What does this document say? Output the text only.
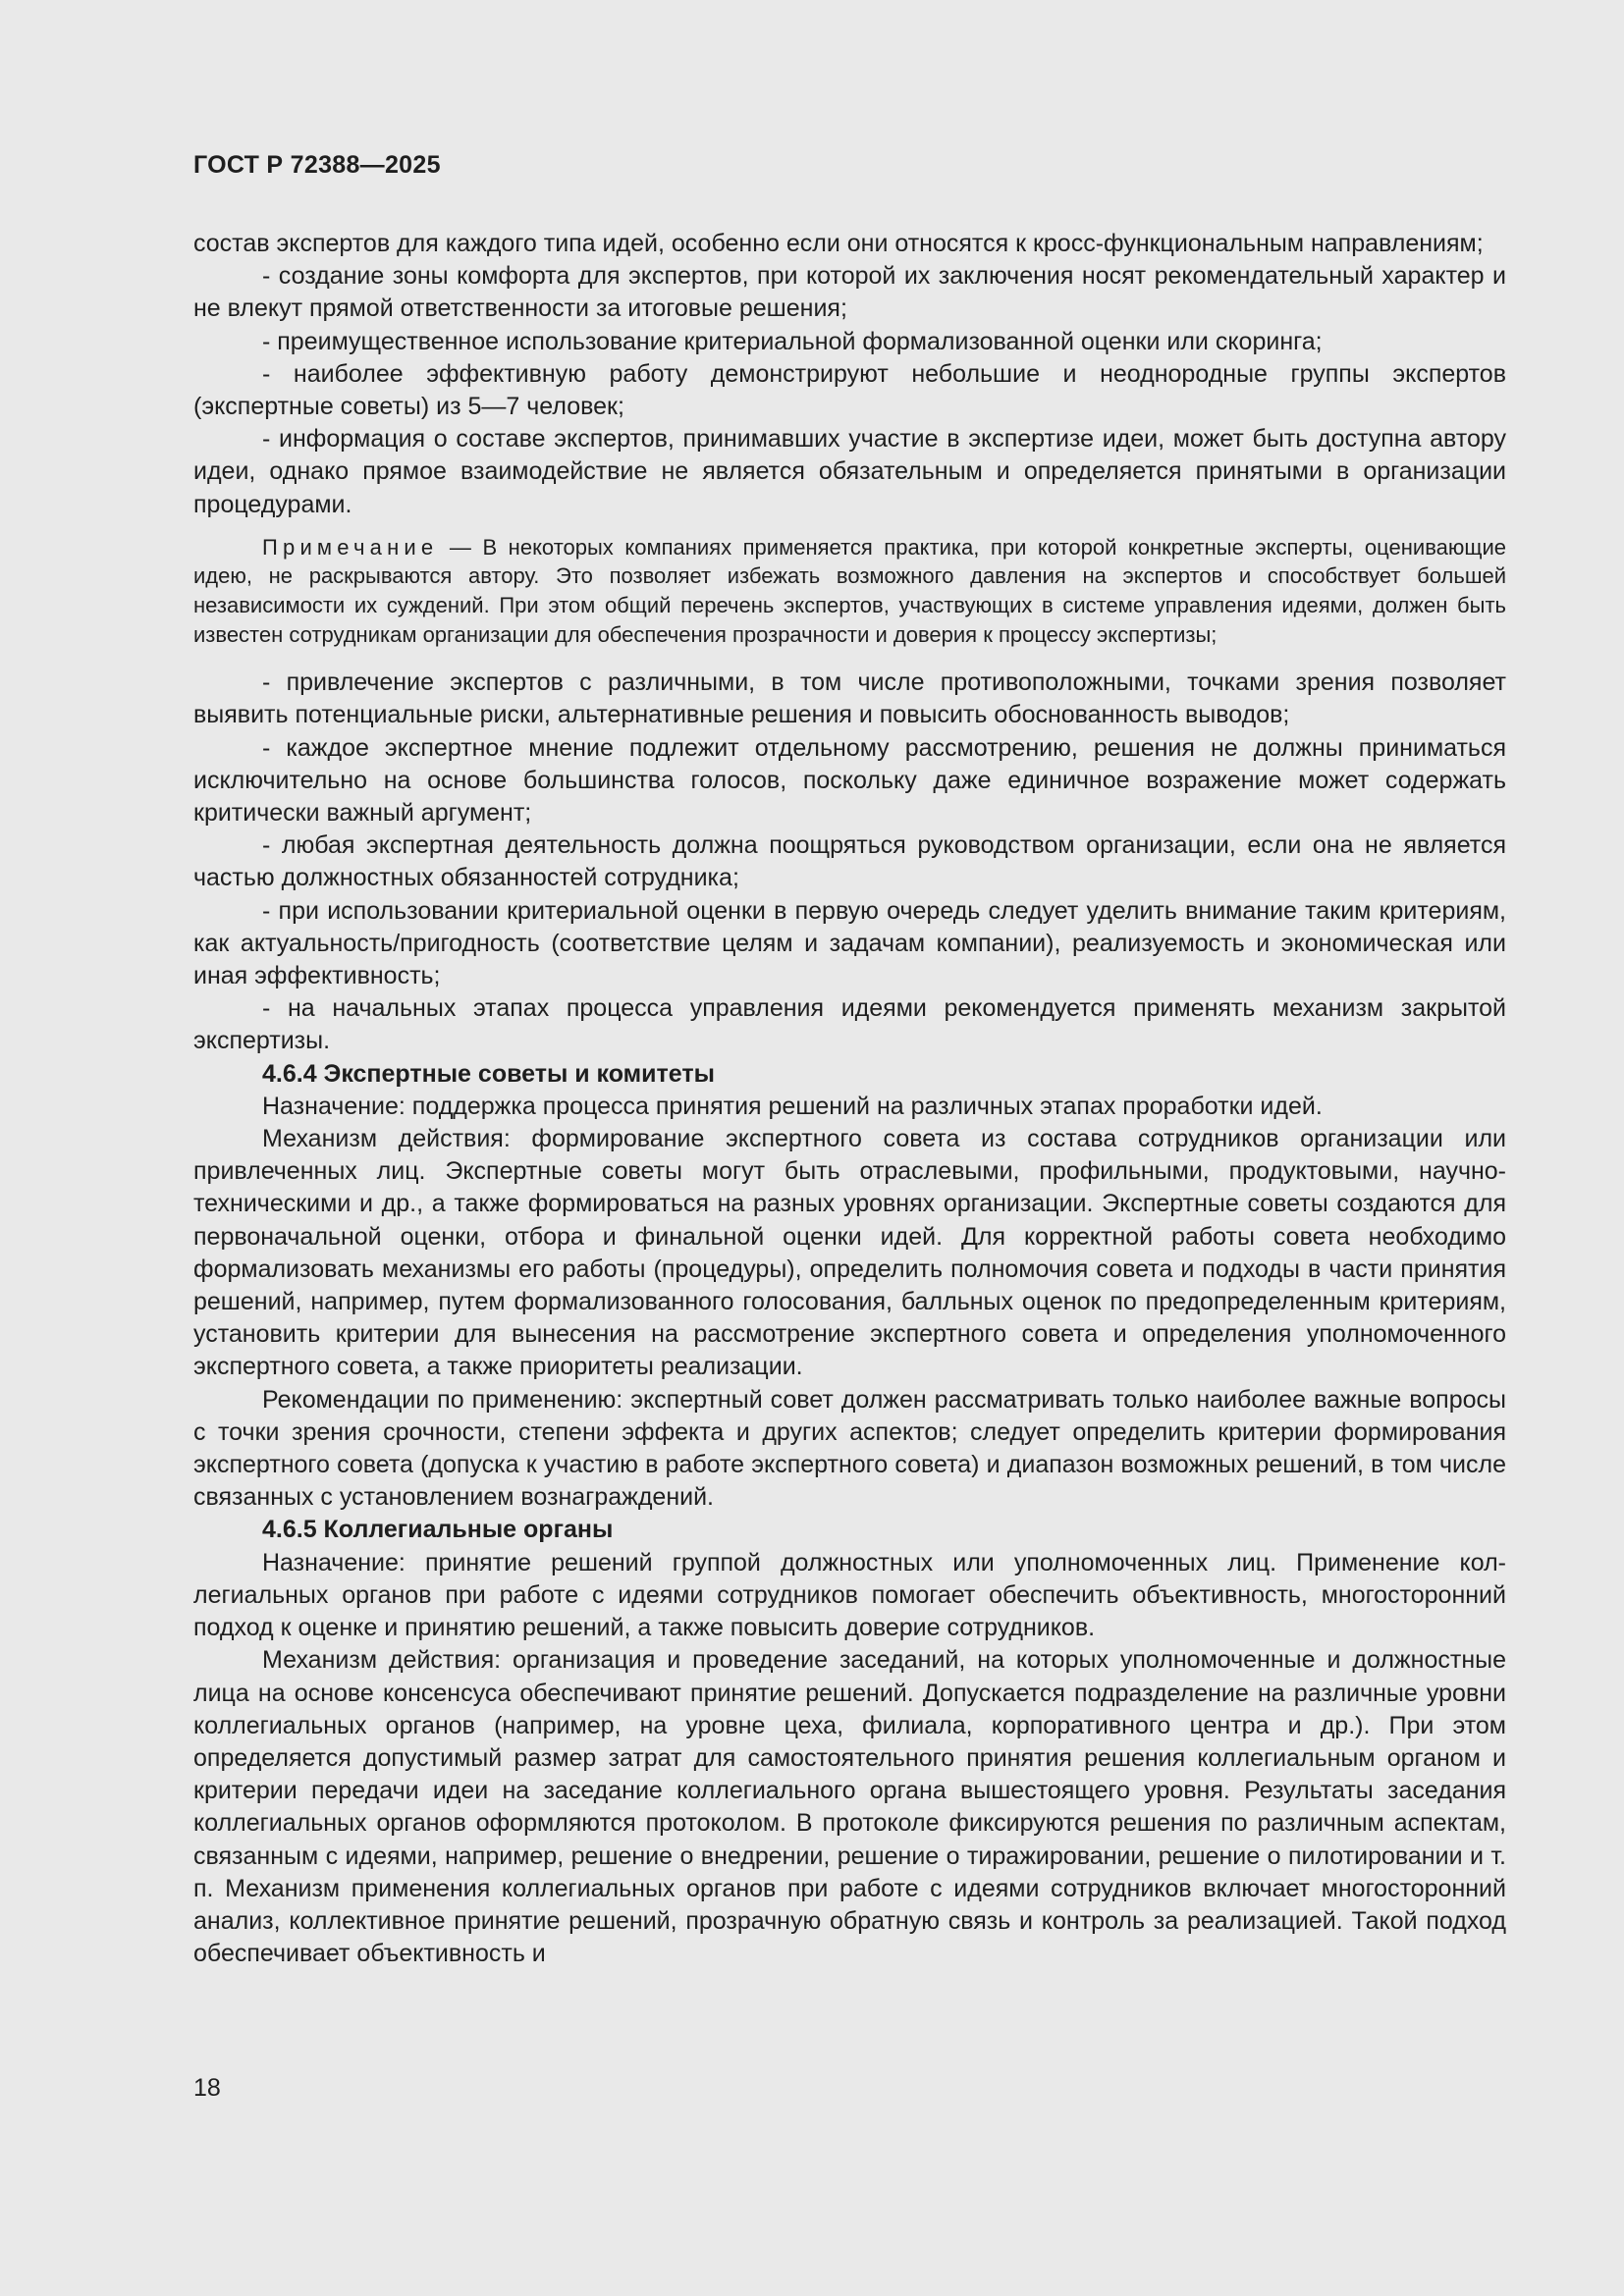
ГОСТ Р 72388—2025

состав экспертов для каждого типа идей, особенно если они относятся к кросс-функциональным направлениям;

- создание зоны комфорта для экспертов, при которой их заключения носят рекомендательный характер и не влекут прямой ответственности за итоговые решения;

- преимущественное использование критериальной формализованной оценки или скоринга;

- наиболее эффективную работу демонстрируют небольшие и неоднородные группы экспертов (экспертные советы) из 5—7 человек;

- информация о составе экспертов, принимавших участие в экспертизе идеи, может быть доступна автору идеи, однако прямое взаимодействие не является обязательным и определяется принятыми в организации процедурами.

Примечание — В некоторых компаниях применяется практика, при которой конкретные эксперты, оценивающие идею, не раскрываются автору. Это позволяет избежать возможного давления на экспертов и способствует большей независимости их суждений. При этом общий перечень экспертов, участвующих в системе управления идеями, должен быть известен сотрудникам организации для обеспечения прозрачности и доверия к процессу экспертизы;

- привлечение экспертов с различными, в том числе противоположными, точками зрения позволяет выявить потенциальные риски, альтернативные решения и повысить обоснованность выводов;

- каждое экспертное мнение подлежит отдельному рассмотрению, решения не должны приниматься исключительно на основе большинства голосов, поскольку даже единичное возражение может содержать критически важный аргумент;

- любая экспертная деятельность должна поощряться руководством организации, если она не является частью должностных обязанностей сотрудника;

- при использовании критериальной оценки в первую очередь следует уделить внимание таким критериям, как актуальность/пригодность (соответствие целям и задачам компании), реализуемость и экономическая или иная эффективность;

- на начальных этапах процесса управления идеями рекомендуется применять механизм закрытой экспертизы.

4.6.4 Экспертные советы и комитеты

Назначение: поддержка процесса принятия решений на различных этапах проработки идей.

Механизм действия: формирование экспертного совета из состава сотрудников организации или привлеченных лиц. Экспертные советы могут быть отраслевыми, профильными, продуктовыми, научно-техническими и др., а также формироваться на разных уровнях организации. Экспертные советы создаются для первоначальной оценки, отбора и финальной оценки идей. Для корректной работы совета необходимо формализовать механизмы его работы (процедуры), определить полномочия совета и подходы в части принятия решений, например, путем формализованного голосования, балльных оценок по предопределенным критериям, установить критерии для вынесения на рассмотрение экспертного совета и определения уполномоченного экспертного совета, а также приоритеты реализации.

Рекомендации по применению: экспертный совет должен рассматривать только наиболее важные вопросы с точки зрения срочности, степени эффекта и других аспектов; следует определить критерии формирования экспертного совета (допуска к участию в работе экспертного совета) и диапазон возможных решений, в том числе связанных с установлением вознаграждений.

4.6.5 Коллегиальные органы

Назначение: принятие решений группой должностных или уполномоченных лиц. Применение коллегиальных органов при работе с идеями сотрудников помогает обеспечить объективность, многосторонний подход к оценке и принятию решений, а также повысить доверие сотрудников.

Механизм действия: организация и проведение заседаний, на которых уполномоченные и должностные лица на основе консенсуса обеспечивают принятие решений. Допускается подразделение на различные уровни коллегиальных органов (например, на уровне цеха, филиала, корпоративного центра и др.). При этом определяется допустимый размер затрат для самостоятельного принятия решения коллегиальным органом и критерии передачи идеи на заседание коллегиального органа вышестоящего уровня. Результаты заседания коллегиальных органов оформляются протоколом. В протоколе фиксируются решения по различным аспектам, связанным с идеями, например, решение о внедрении, решение о тиражировании, решение о пилотировании и т. п. Механизм применения коллегиальных органов при работе с идеями сотрудников включает многосторонний анализ, коллективное принятие решений, прозрачную обратную связь и контроль за реализацией. Такой подход обеспечивает объективность и

18
